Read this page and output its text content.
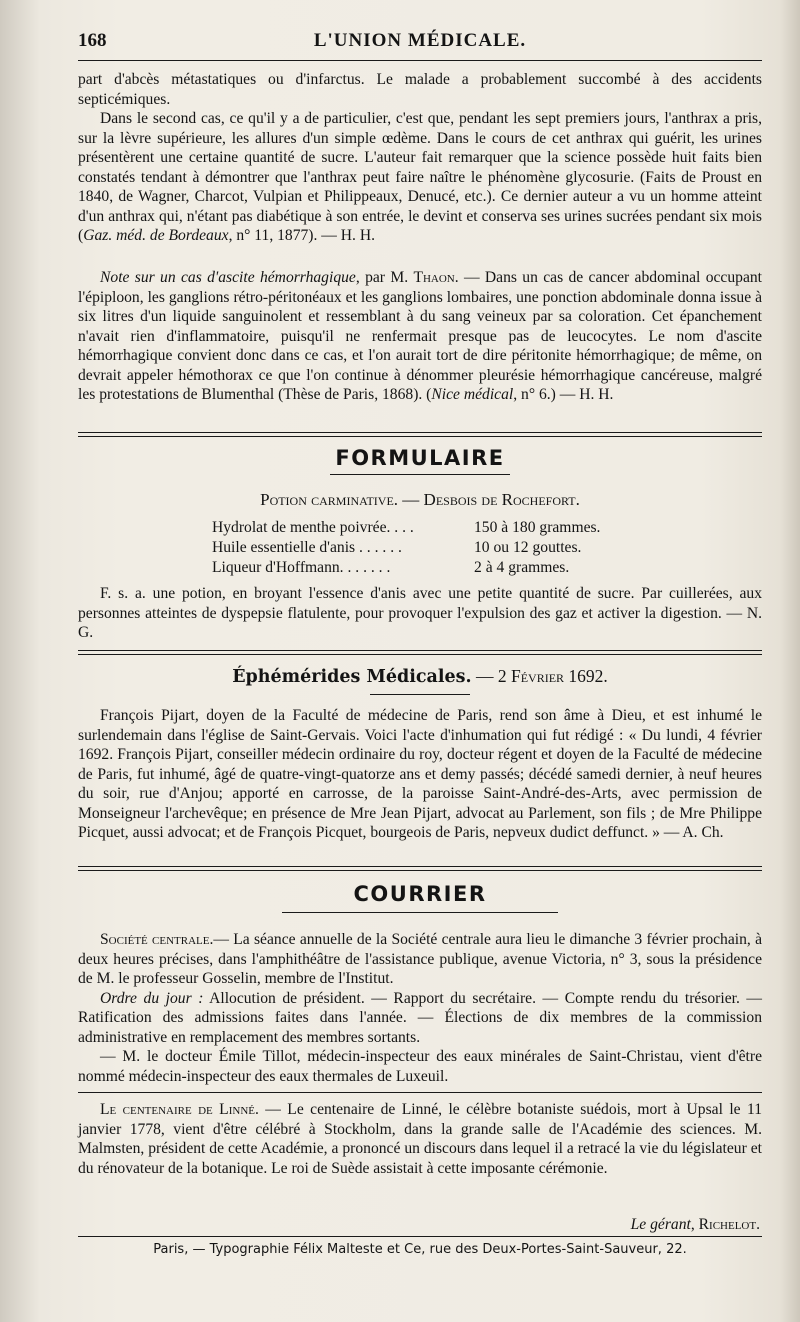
168	L'UNION MÉDICALE.

part d'abcès métastatiques ou d'infarctus. Le malade a probablement succombé à des accidents septicémiques.

Dans le second cas, ce qu'il y a de particulier, c'est que, pendant les sept premiers jours, l'anthrax a pris, sur la lèvre supérieure, les allures d'un simple œdème. Dans le cours de cet anthrax qui guérit, les urines présentèrent une certaine quantité de sucre. L'auteur fait remarquer que la science possède huit faits bien constatés tendant à démontrer que l'anthrax peut faire naître le phénomène glycosurie. (Faits de Proust en 1840, de Wagner, Charcot, Vulpian et Philippeaux, Denucé, etc.). Ce dernier auteur a vu un homme atteint d'un anthrax qui, n'étant pas diabétique à son entrée, le devint et conserva ses urines sucrées pendant six mois (Gaz. méd. de Bordeaux, n° 11, 1877). — H. H.

Note sur un cas d'ascite hémorrhagique, par M. Thaon. — Dans un cas de cancer abdominal occupant l'épiploon, les ganglions rétro-péritonéaux et les ganglions lombaires, une ponction abdominale donna issue à six litres d'un liquide sanguinolent et ressemblant à du sang veineux par sa coloration. Cet épanchement n'avait rien d'inflammatoire, puisqu'il ne renfermait presque pas de leucocytes. Le nom d'ascite hémorrhagique convient donc dans ce cas, et l'on aurait tort de dire péritonite hémorrhagique; de même, on devrait appeler hémothorax ce que l'on continue à dénommer pleurésie hémorrhagique cancéreuse, malgré les protestations de Blumenthal (Thèse de Paris, 1868). (Nice médical, n° 6.) — H. H.

FORMULAIRE
Potion carminative. — Desbois de Rochefort.
Hydrolat de menthe poivrée. . . .	150 à 180 grammes.
Huile essentielle d'anis . . . . . .	10 ou 12 gouttes.
Liqueur d'Hoffmann. . . . . . .	2 à 4 grammes.

F. s. a. une potion, en broyant l'essence d'anis avec une petite quantité de sucre. Par cuillerées, aux personnes atteintes de dyspepsie flatulente, pour provoquer l'expulsion des gaz et activer la digestion. — N. G.

Éphémérides Médicales. — 2 Février 1692.

François Pijart, doyen de la Faculté de médecine de Paris, rend son âme à Dieu, et est inhumé le surlendemain dans l'église de Saint-Gervais. Voici l'acte d'inhumation qui fut rédigé : « Du lundi, 4 février 1692. François Pijart, conseiller médecin ordinaire du roy, docteur régent et doyen de la Faculté de médecine de Paris, fut inhumé, âgé de quatre-vingt-quatorze ans et demy passés; décédé samedi dernier, à neuf heures du soir, rue d'Anjou; apporté en carrosse, de la paroisse Saint-André-des-Arts, avec permission de Monseigneur l'archevêque; en présence de Mre Jean Pijart, advocat au Parlement, son fils ; de Mre Philippe Picquet, aussi advocat; et de François Picquet, bourgeois de Paris, nepveux dudict deffunct. » — A. Ch.

COURRIER

Société centrale.— La séance annuelle de la Société centrale aura lieu le dimanche 3 février prochain, à deux heures précises, dans l'amphithéâtre de l'assistance publique, avenue Victoria, n° 3, sous la présidence de M. le professeur Gosselin, membre de l'Institut.

Ordre du jour : Allocution de président. — Rapport du secrétaire. — Compte rendu du trésorier. — Ratification des admissions faites dans l'année. — Élections de dix membres de la commission administrative en remplacement des membres sortants.

— M. le docteur Émile Tillot, médecin-inspecteur des eaux minérales de Saint-Christau, vient d'être nommé médecin-inspecteur des eaux thermales de Luxeuil.

Le centenaire de Linné. — Le centenaire de Linné, le célèbre botaniste suédois, mort à Upsal le 11 janvier 1778, vient d'être célébré à Stockholm, dans la grande salle de l'Académie des sciences. M. Malmsten, président de cette Académie, a prononcé un discours dans lequel il a retracé la vie du législateur et du rénovateur de la botanique. Le roi de Suède assistait à cette imposante cérémonie.

Le gérant, Richelot.
Paris, — Typographie Félix Malteste et Ce, rue des Deux-Portes-Saint-Sauveur, 22.
